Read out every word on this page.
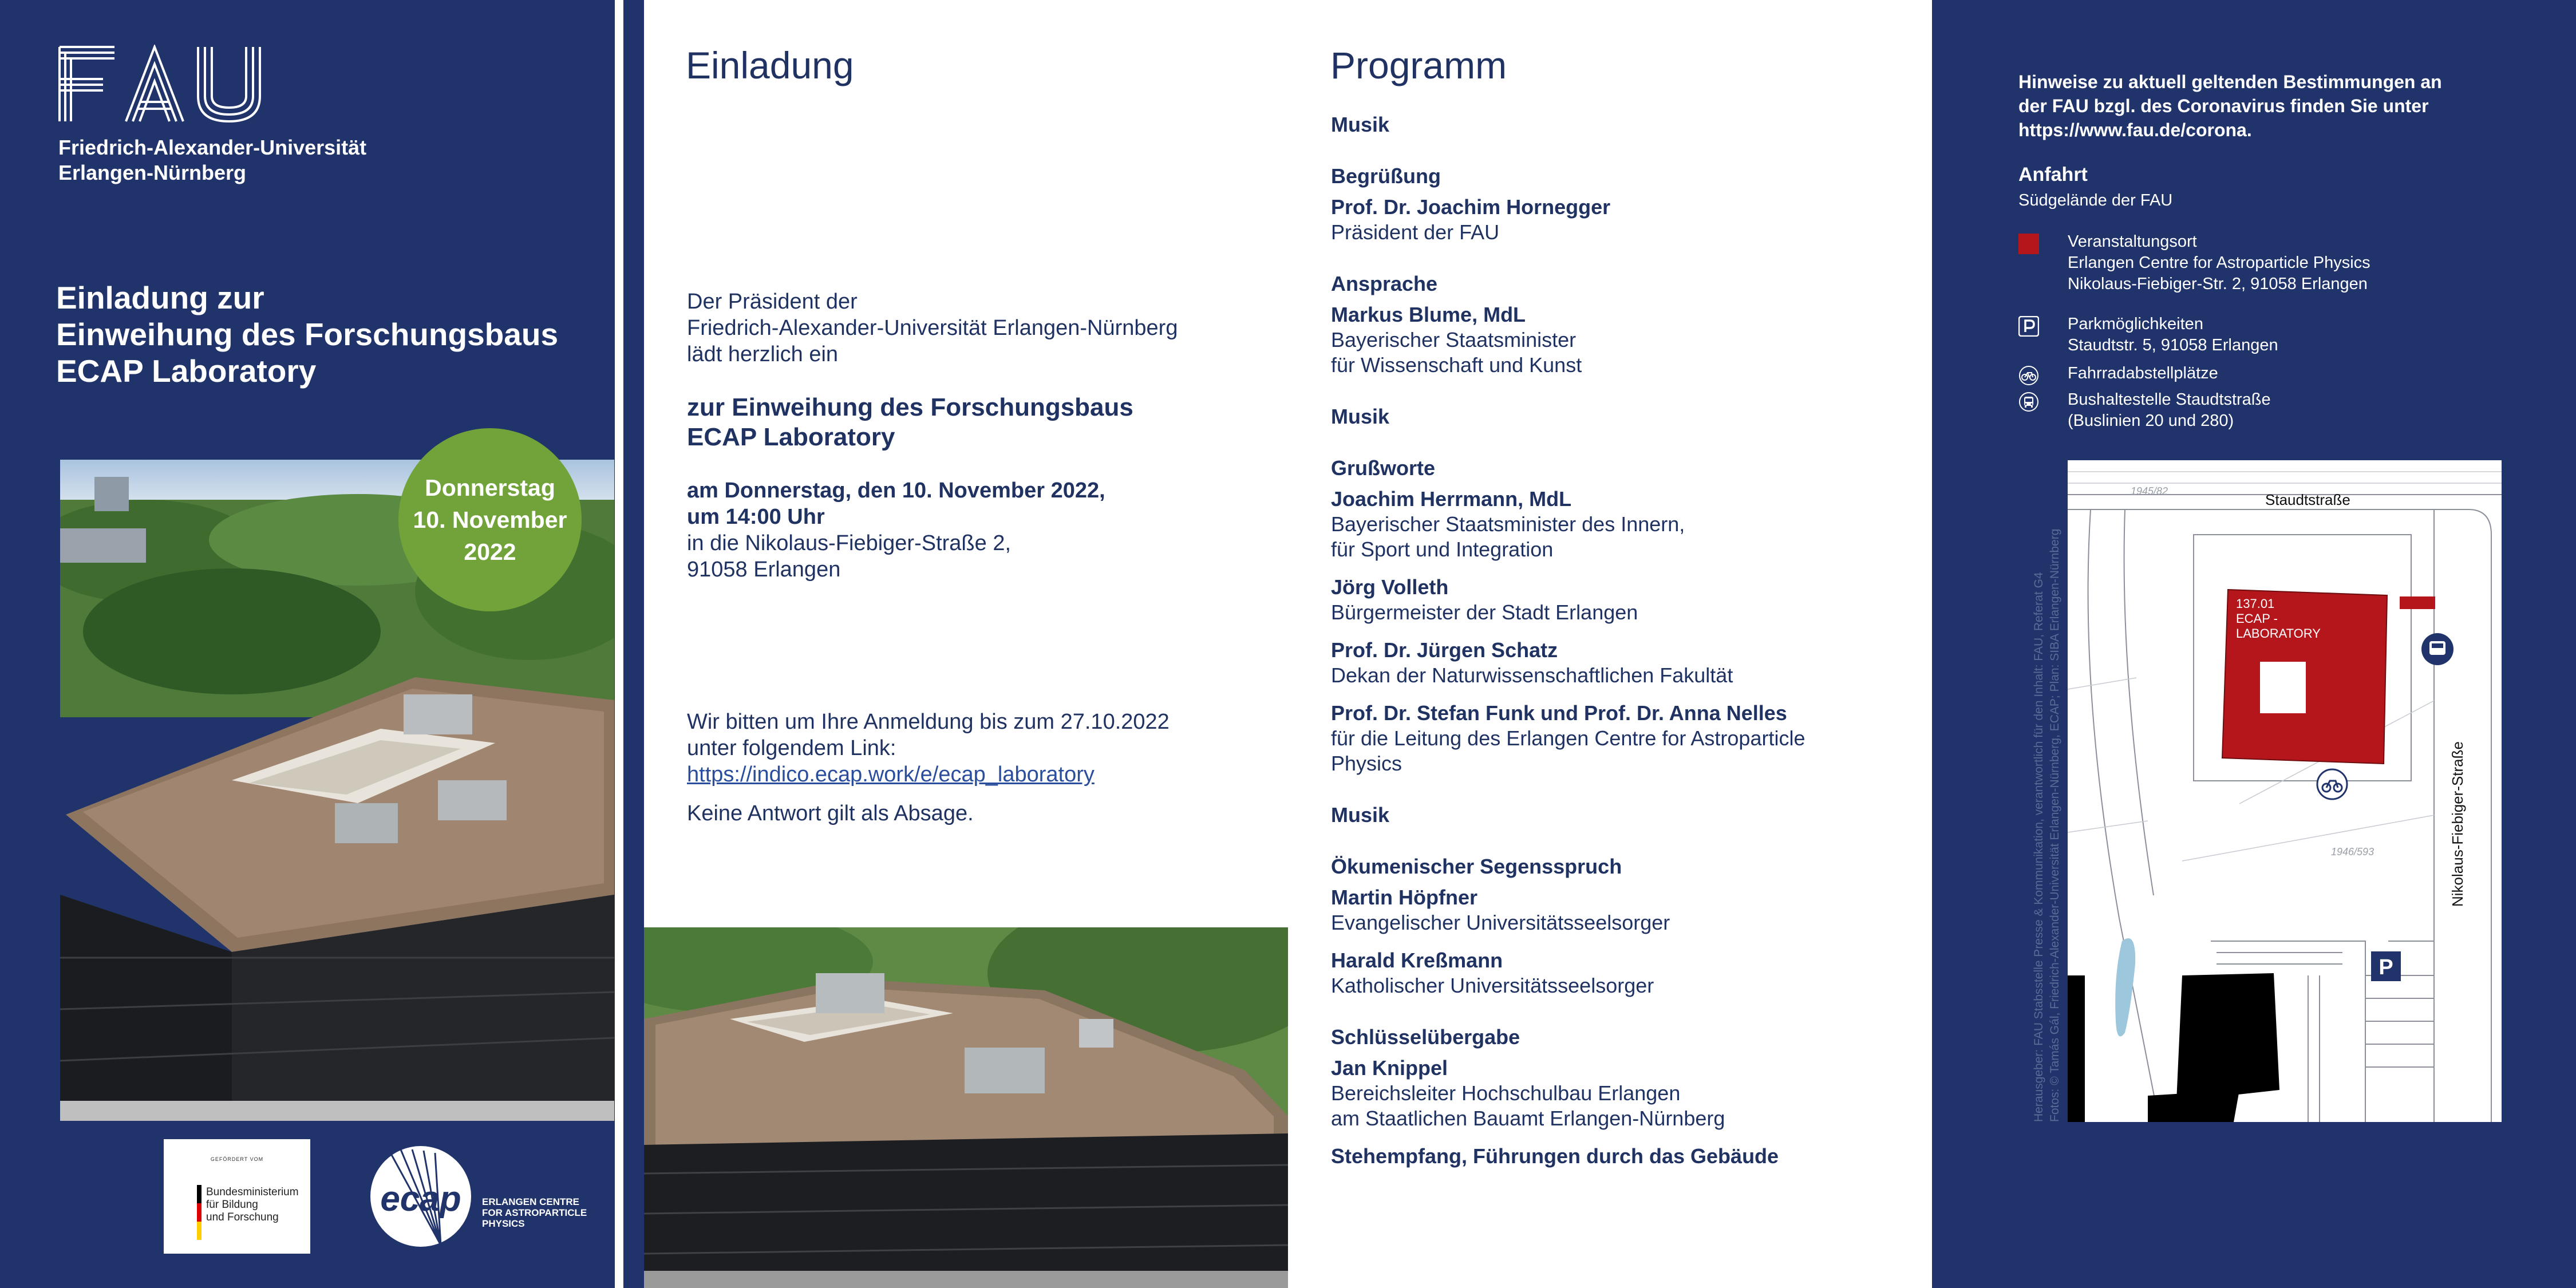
Friedrich-Alexander-Universität
Erlangen-Nürnberg
Einladung zur
Einweihung des Forschungsbaus
ECAP Laboratory
Donnerstag
10. November
2022
GEFÖRDERT VOM
Bundesministerium
für Bildung
und Forschung	ecap ERLANGEN CENTRE
FOR ASTROPARTICLE
PHYSICS
Einladung
Der Präsident der
Friedrich-Alexander-Universität Erlangen-Nürnberg
lädt herzlich ein
zur Einweihung des Forschungsbaus
ECAP Laboratory
am Donnerstag, den 10. November 2022,
um 14:00 Uhr
in die Nikolaus-Fiebiger-Straße 2,
91058 Erlangen
Wir bitten um Ihre Anmeldung bis zum 27.10.2022
unter folgendem Link:
https://indico.ecap.work/e/ecap_laboratory
Keine Antwort gilt als Absage.
Programm
Musik
Begrüßung
Prof. Dr. Joachim Hornegger
Präsident der FAU
Ansprache
Markus Blume, MdL
Bayerischer Staatsminister
für Wissenschaft und Kunst
Musik
Grußworte
Joachim Herrmann, MdL
Bayerischer Staatsminister des Innern,
für Sport und Integration
Jörg Volleth
Bürgermeister der Stadt Erlangen
Prof. Dr. Jürgen Schatz
Dekan der Naturwissenschaftlichen Fakultät
Prof. Dr. Stefan Funk und Prof. Dr. Anna Nelles
für die Leitung des Erlangen Centre for Astroparticle
Physics
Musik
Ökumenischer Segensspruch
Martin Höpfner
Evangelischer Universitätsseelsorger
Harald Kreßmann
Katholischer Universitätsseelsorger
Schlüsselübergabe
Jan Knippel
Bereichsleiter Hochschulbau Erlangen
am Staatlichen Bauamt Erlangen-Nürnberg
Stehempfang, Führungen durch das Gebäude
Hinweise zu aktuell geltenden Bestimmungen an
der FAU bzgl. des Coronavirus finden Sie unter
https://www.fau.de/corona.
Anfahrt
Südgelände der FAU
Veranstaltungsort
Erlangen Centre for Astroparticle Physics
Nikolaus-Fiebiger-Str. 2, 91058 Erlangen
Parkmöglichkeiten
Staudtstr. 5, 91058 Erlangen
Fahrradabstellplätze
Bushaltestelle Staudtstraße
(Buslinien 20 und 280)
Herausgeber: FAU Stabsstelle Presse & Kommunikation, verantwortlich für den Inhalt: FAU, Referat G4
Fotos: © Tamás Gál, Friedrich-Alexander-Universität Erlangen-Nürnberg, ECAP; Plan: SIBA Erlangen-Nürnberg
1945/82
1946/593
Staudtstraße
Nikolaus-Fiebiger-Straße
137.01 ECAP - LABORATORY
P
